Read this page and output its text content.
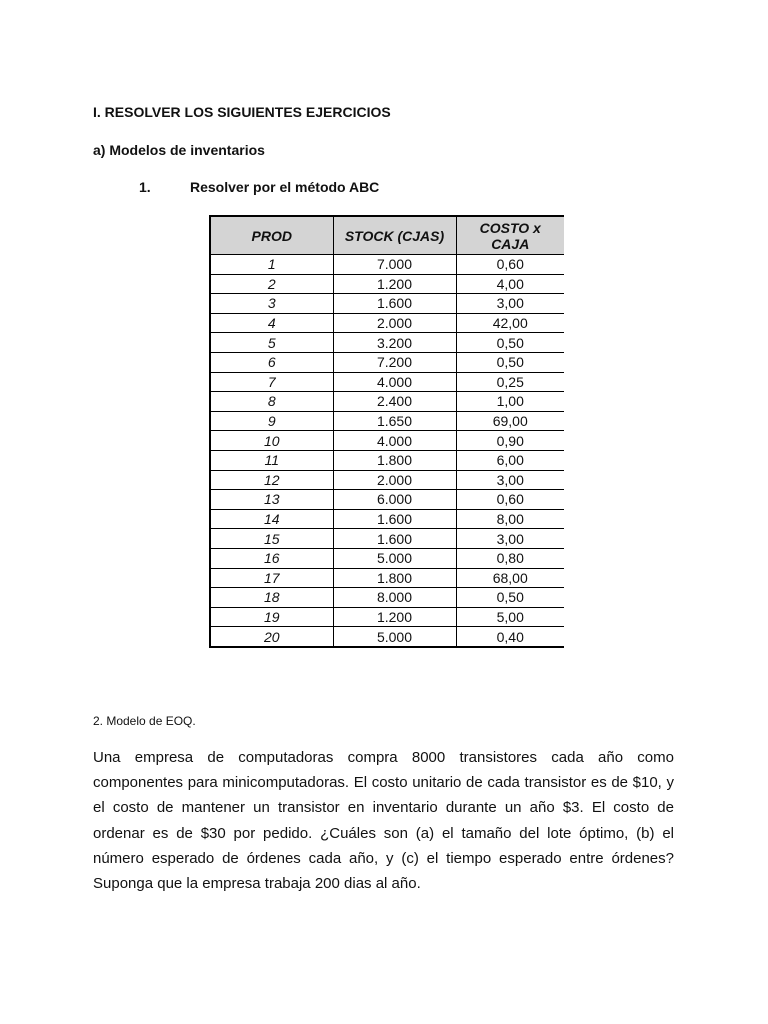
I. RESOLVER LOS SIGUIENTES EJERCICIOS
a) Modelos de inventarios
1.	Resolver por el método ABC
PROD	STOCK (CJAS)	COSTO x
CAJA
1	7.000	0,60
2	1.200	4,00
3	1.600	3,00
4	2.000	42,00
5	3.200	0,50
6	7.200	0,50
7	4.000	0,25
8	2.400	1,00
9	1.650	69,00
10	4.000	0,90
11	1.800	6,00
12	2.000	3,00
13	6.000	0,60
14	1.600	8,00
15	1.600	3,00
16	5.000	0,80
17	1.800	68,00
18	8.000	0,50
19	1.200	5,00
20	5.000	0,40
2. Modelo de EOQ.
Una empresa de computadoras compra 8000 transistores cada año como componentes para minicomputadoras. El costo unitario de cada transistor es de $10, y el costo de mantener un transistor en inventario durante un año $3. El costo de ordenar es de $30 por pedido. ¿Cuáles son (a) el tamaño del lote óptimo, (b) el número esperado de órdenes cada año, y (c) el tiempo esperado entre órdenes? Suponga que la empresa trabaja 200 dias al año.
